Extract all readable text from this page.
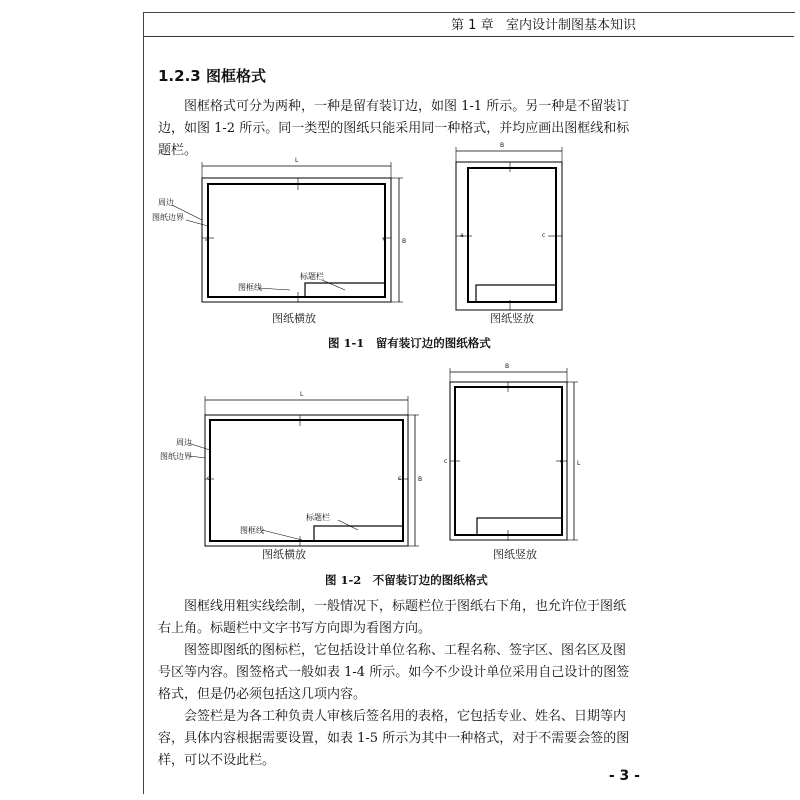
第 1 章 室内设计制图基本知识
1.2.3 图框格式

图框格式可分为两种，一种是留有装订边，如图 1-1 所示。另一种是不留装订边，如图 1-2 所示。同一类型的图纸只能采用同一种格式，并均应画出图框线和标题栏。

L
B
a	c
B
a	c
周边
图纸边界
图框线
标题栏
图纸横放	图纸竖放
图 1-1　留有装订边的图纸格式
L
B
c	c
B
L
c	c
周边
图纸边界
图框线
标题栏
图纸横放	图纸竖放
图 1-2　不留装订边的图纸格式

图框线用粗实线绘制，一般情况下，标题栏位于图纸右下角，也允许位于图纸右上角。标题栏中文字书写方向即为看图方向。

图签即图纸的图标栏，它包括设计单位名称、工程名称、签字区、图名区及图号区等内容。图签格式一般如表 1-4 所示。如今不少设计单位采用自己设计的图签格式，但是仍必须包括这几项内容。

会签栏是为各工种负责人审核后签名用的表格，它包括专业、姓名、日期等内容，具体内容根据需要设置，如表 1-5 所示为其中一种格式，对于不需要会签的图样，可以不设此栏。

- 3 -
